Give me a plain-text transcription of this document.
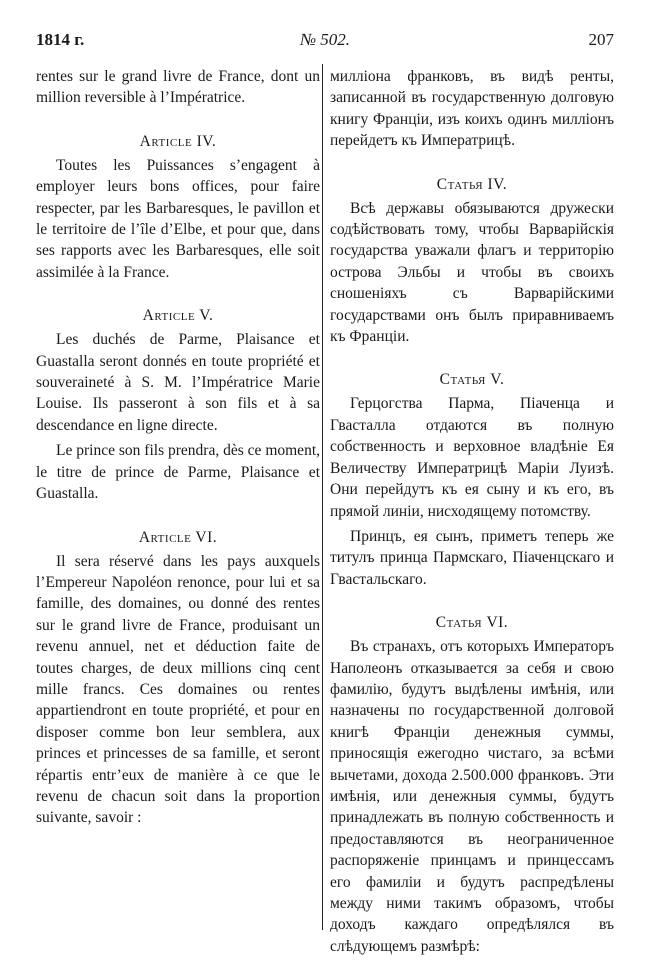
1814 г.	№ 502.	207

rentes sur le grand livre de France, dont un million reversible à l’Impératrice.

Article IV.

Toutes les Puissances s’engagent à employer leurs bons offices, pour faire respecter, par les Barbaresques, le pavillon et le territoire de l’île d’Elbe, et pour que, dans ses rapports avec les Barbaresques, elle soit assimilée à la France.

Article V.

Les duchés de Parme, Plaisance et Guastalla seront donnés en toute propriété et souveraineté à S. M. l’Impératrice Marie Louise. Ils passeront à son fils et à sa descendance en ligne directe.

Le prince son fils prendra, dès ce moment, le titre de prince de Parme, Plaisance et Guastalla.

Article VI.

Il sera réservé dans les pays auxquels l’Empereur Napoléon renonce, pour lui et sa famille, des domaines, ou donné des rentes sur le grand livre de France, produisant un revenu annuel, net et déduction faite de toutes charges, de deux millions cinq cent mille francs. Ces domaines ou rentes appartiendront en toute propriété, et pour en disposer comme bon leur semblera, aux princes et princesses de sa famille, et seront répartis entr’eux de manière à ce que le revenu de chacun soit dans la proportion suivante, savoir :

милліона франковъ, въ видѣ ренты, записанной въ государственную долговую книгу Франціи, изъ коихъ одинъ милліонъ перейдетъ къ Императрицѣ.

Статья IV.

Всѣ державы обязываются дружески содѣйствовать тому, чтобы Варварійскія государства уважали флагъ и территорію острова Эльбы и чтобы въ своихъ сношеніяхъ съ Варварійскими государствами онъ былъ приравниваемъ къ Франціи.

Статья V.

Герцогства Парма, Піаченца и Гвасталла отдаются въ полную собственность и верховное владѣніе Ея Величеству Императрицѣ Маріи Луизѣ. Они перейдутъ къ ея сыну и къ его, въ прямой линіи, нисходящему потомству.

Принцъ, ея сынъ, приметъ теперь же титулъ принца Пармскаго, Піаченцскаго и Гвастальскаго.

Статья VI.

Въ странахъ, отъ которыхъ Императоръ Наполеонъ отказывается за себя и свою фамилію, будутъ выдѣлены имѣнія, или назначены по государственной долговой книгѣ Франціи денежныя суммы, приносящія ежегодно чистаго, за всѣми вычетами, дохода 2.500.000 франковъ. Эти имѣнія, или денежныя суммы, будутъ принадлежать въ полную собственность и предоставляются въ неограниченное распоряженіе принцамъ и принцессамъ его фамиліи и будутъ распредѣлены между ними такимъ образомъ, чтобы доходъ каждаго опредѣлялся въ слѣдующемъ размѣрѣ:
